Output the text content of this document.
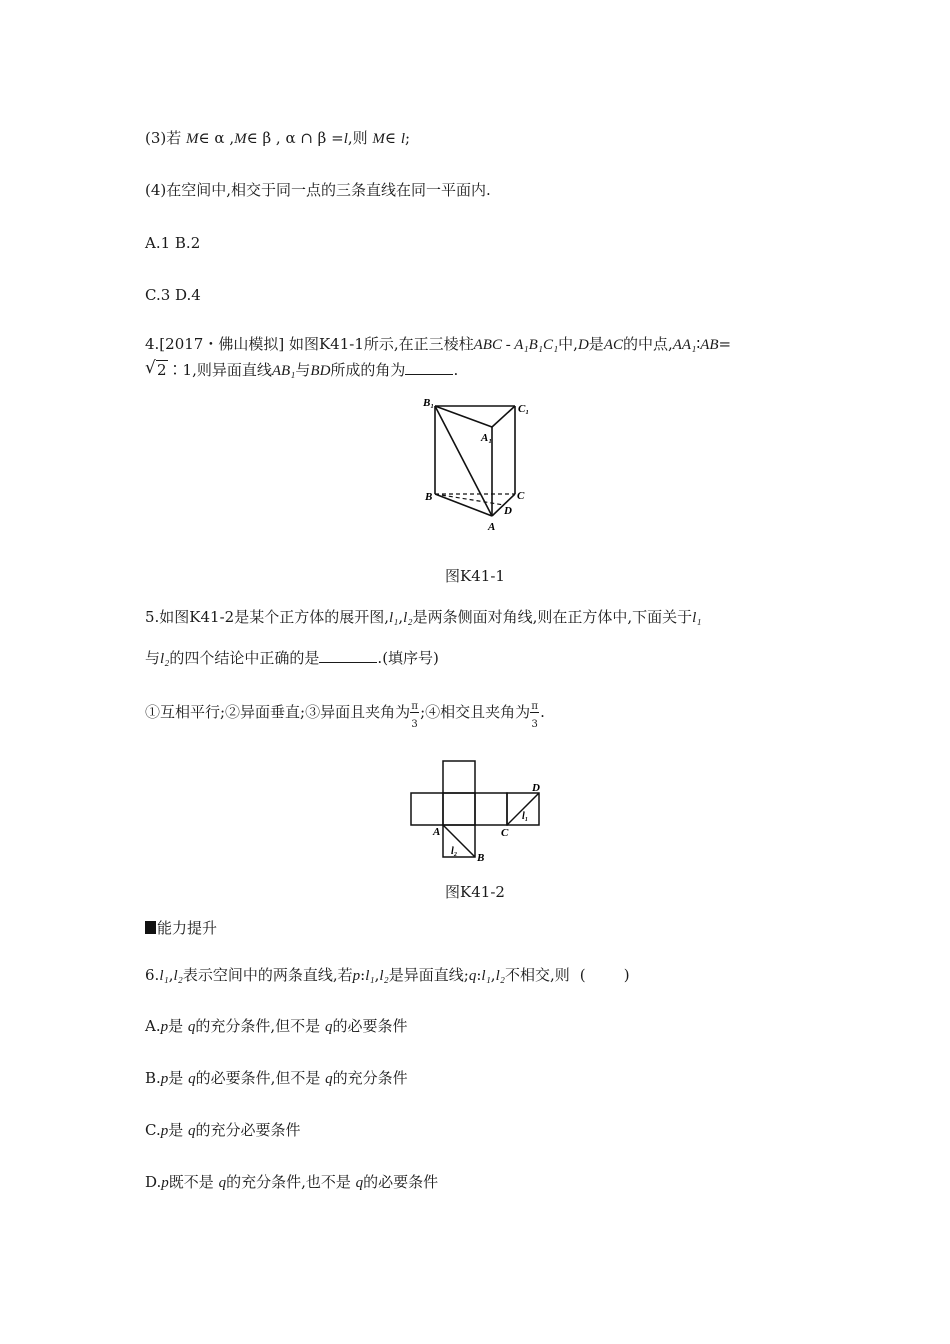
(3)若 M∈ α ,M∈ β , α ∩ β =l,则 M∈ l;
(4)在空间中,相交于同一点的三条直线在同一平面内.
A.1 B.2
C.3 D.4
4.[2017・佛山模拟] 如图K41-1所示,在正三棱柱ABC - A₁B₁C₁中,D是AC的中点,AA₁∶AB=
√ 2∶1,则异面直线AB₁与BD所成的角为	.
B₁	C₁
A₁
B	C
D
A
图K41-1
5.如图K41-2是某个正方体的展开图,l₁,l₂是两条侧面对角线,则在正方体中,下面关于l₁
与l₂的四个结论中正确的是	.(填序号)
①互相平行;②异面垂直;③异面且夹角为 $\frac{\pi}{3}$ ;④相交且夹角为 $\frac{\pi}{3}$ .
D
l₁
A	C
l₂
B
图K41-2
能力提升
6.l₁,l₂表示空间中的两条直线,若p:l₁,l₂是异面直线;q:l₁,l₂不相交,则 (        )
A.p是 q的充分条件,但不是 q的必要条件
B.p是 q的必要条件,但不是 q的充分条件
C.p是 q的充分必要条件
D.p既不是 q的充分条件,也不是 q的必要条件
